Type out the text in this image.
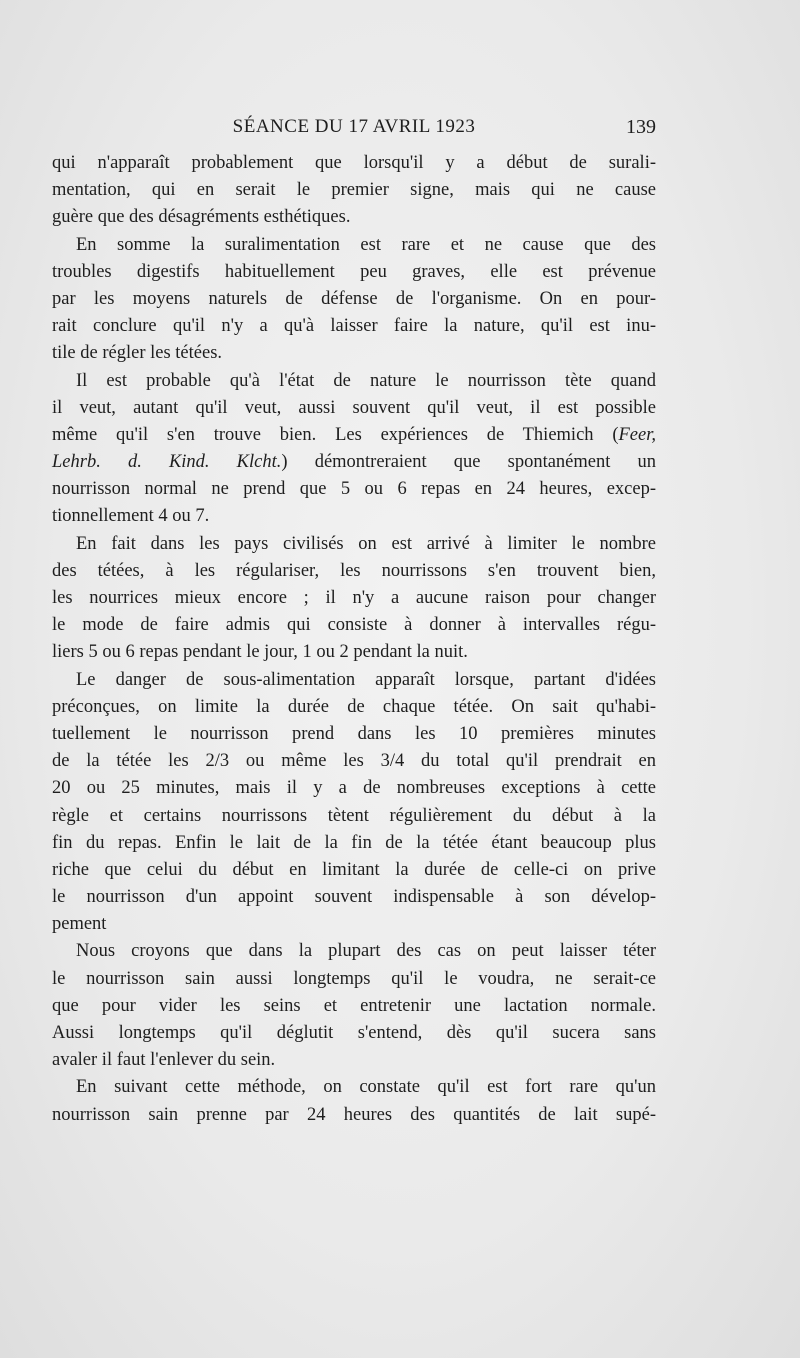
SÉANCE DU 17 AVRIL 1923	139
qui n'apparaît probablement que lorsqu'il y a début de surali-
mentation, qui en serait le premier signe, mais qui ne cause
guère que des désagréments esthétiques.
En somme la suralimentation est rare et ne cause que des
troubles digestifs habituellement peu graves, elle est prévenue
par les moyens naturels de défense de l'organisme. On en pour-
rait conclure qu'il n'y a qu'à laisser faire la nature, qu'il est inu-
tile de régler les tétées.
Il est probable qu'à l'état de nature le nourrisson tète quand
il veut, autant qu'il veut, aussi souvent qu'il veut, il est possible
même qu'il s'en trouve bien. Les expériences de Thiemich (Feer,
Lehrb. d. Kind. Klcht.) démontreraient que spontanément un
nourrisson normal ne prend que 5 ou 6 repas en 24 heures, excep-
tionnellement 4 ou 7.
En fait dans les pays civilisés on est arrivé à limiter le nombre
des tétées, à les régulariser, les nourrissons s'en trouvent bien,
les nourrices mieux encore ; il n'y a aucune raison pour changer
le mode de faire admis qui consiste à donner à intervalles régu-
liers 5 ou 6 repas pendant le jour, 1 ou 2 pendant la nuit.
Le danger de sous-alimentation apparaît lorsque, partant d'idées
préconçues, on limite la durée de chaque tétée. On sait qu'habi-
tuellement le nourrisson prend dans les 10 premières minutes
de la tétée les 2/3 ou même les 3/4 du total qu'il prendrait en
20 ou 25 minutes, mais il y a de nombreuses exceptions à cette
règle et certains nourrissons tètent régulièrement du début à la
fin du repas. Enfin le lait de la fin de la tétée étant beaucoup plus
riche que celui du début en limitant la durée de celle-ci on prive
le nourrisson d'un appoint souvent indispensable à son dévelop-
pement
Nous croyons que dans la plupart des cas on peut laisser téter
le nourrisson sain aussi longtemps qu'il le voudra, ne serait-ce
que pour vider les seins et entretenir une lactation normale.
Aussi longtemps qu'il déglutit s'entend, dès qu'il sucera sans
avaler il faut l'enlever du sein.
En suivant cette méthode, on constate qu'il est fort rare qu'un
nourrisson sain prenne par 24 heures des quantités de lait supé-
